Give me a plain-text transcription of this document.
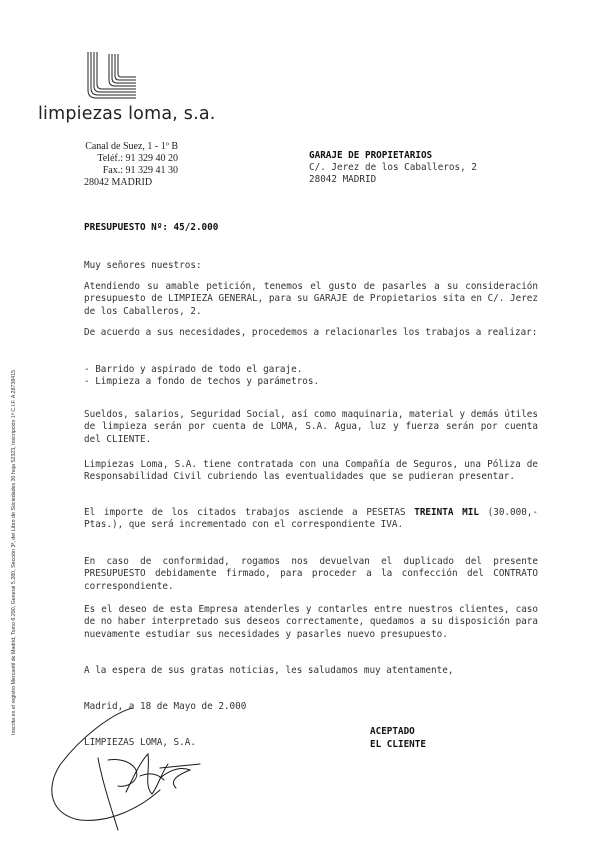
Inscrita en el registro Mercantil de Madrid, Tomo 6.290, General 5.280, Sección 3ª, del Libro de Sociedades 30 hoja 52323, Inscripción 1ª C.I.F. A 28738415
limpiezas loma, s.a.
Canal de Suez, 1 - 1º B
Teléf.: 91 329 40 20
Fax.: 91 329 41 30
28042 MADRID
GARAJE DE PROPIETARIOS
C/. Jerez de los Caballeros, 2
28042 MADRID
PRESUPUESTO Nº: 45/2.000
Muy señores nuestros:
Atendiendo su amable petición, tenemos el gusto de pasarles a su consideración presupuesto de LIMPIEZA GENERAL, para su GARAJE de Propietarios sita en C/. Jerez de los Caballeros, 2.
De acuerdo a sus necesidades, procedemos a relacionarles los trabajos a realizar:
- Barrido y aspirado de todo el garaje.
- Limpieza a fondo de techos y parámetros.
Sueldos, salarios, Seguridad Social, así como maquinaria, material y demás útiles de limpieza serán por cuenta de LOMA, S.A. Agua, luz y fuerza serán por cuenta del CLIENTE.
Limpiezas Loma, S.A. tiene contratada con una Compañía de Seguros, una Póliza de Responsabilidad Civil cubriendo las eventualidades que se pudieran presentar.
El importe de los citados trabajos asciende a PESETAS TREINTA MIL (30.000,- Ptas.), que será incrementado con el correspondiente IVA.
En caso de conformidad, rogamos nos devuelvan el duplicado del presente PRESUPUESTO debidamente firmado, para proceder a la confección del CONTRATO correspondiente.
Es el deseo de esta Empresa atenderles y contarles entre nuestros clientes, caso de no haber interpretado sus deseos correctamente, quedamos a su disposición para nuevamente estudiar sus necesidades y pasarles nuevo presupuesto.
A la espera de sus gratas noticias, les saludamos muy atentamente,
Madrid, a 18 de Mayo de 2.000
LIMPIEZAS LOMA, S.A.
ACEPTADO
EL CLIENTE
